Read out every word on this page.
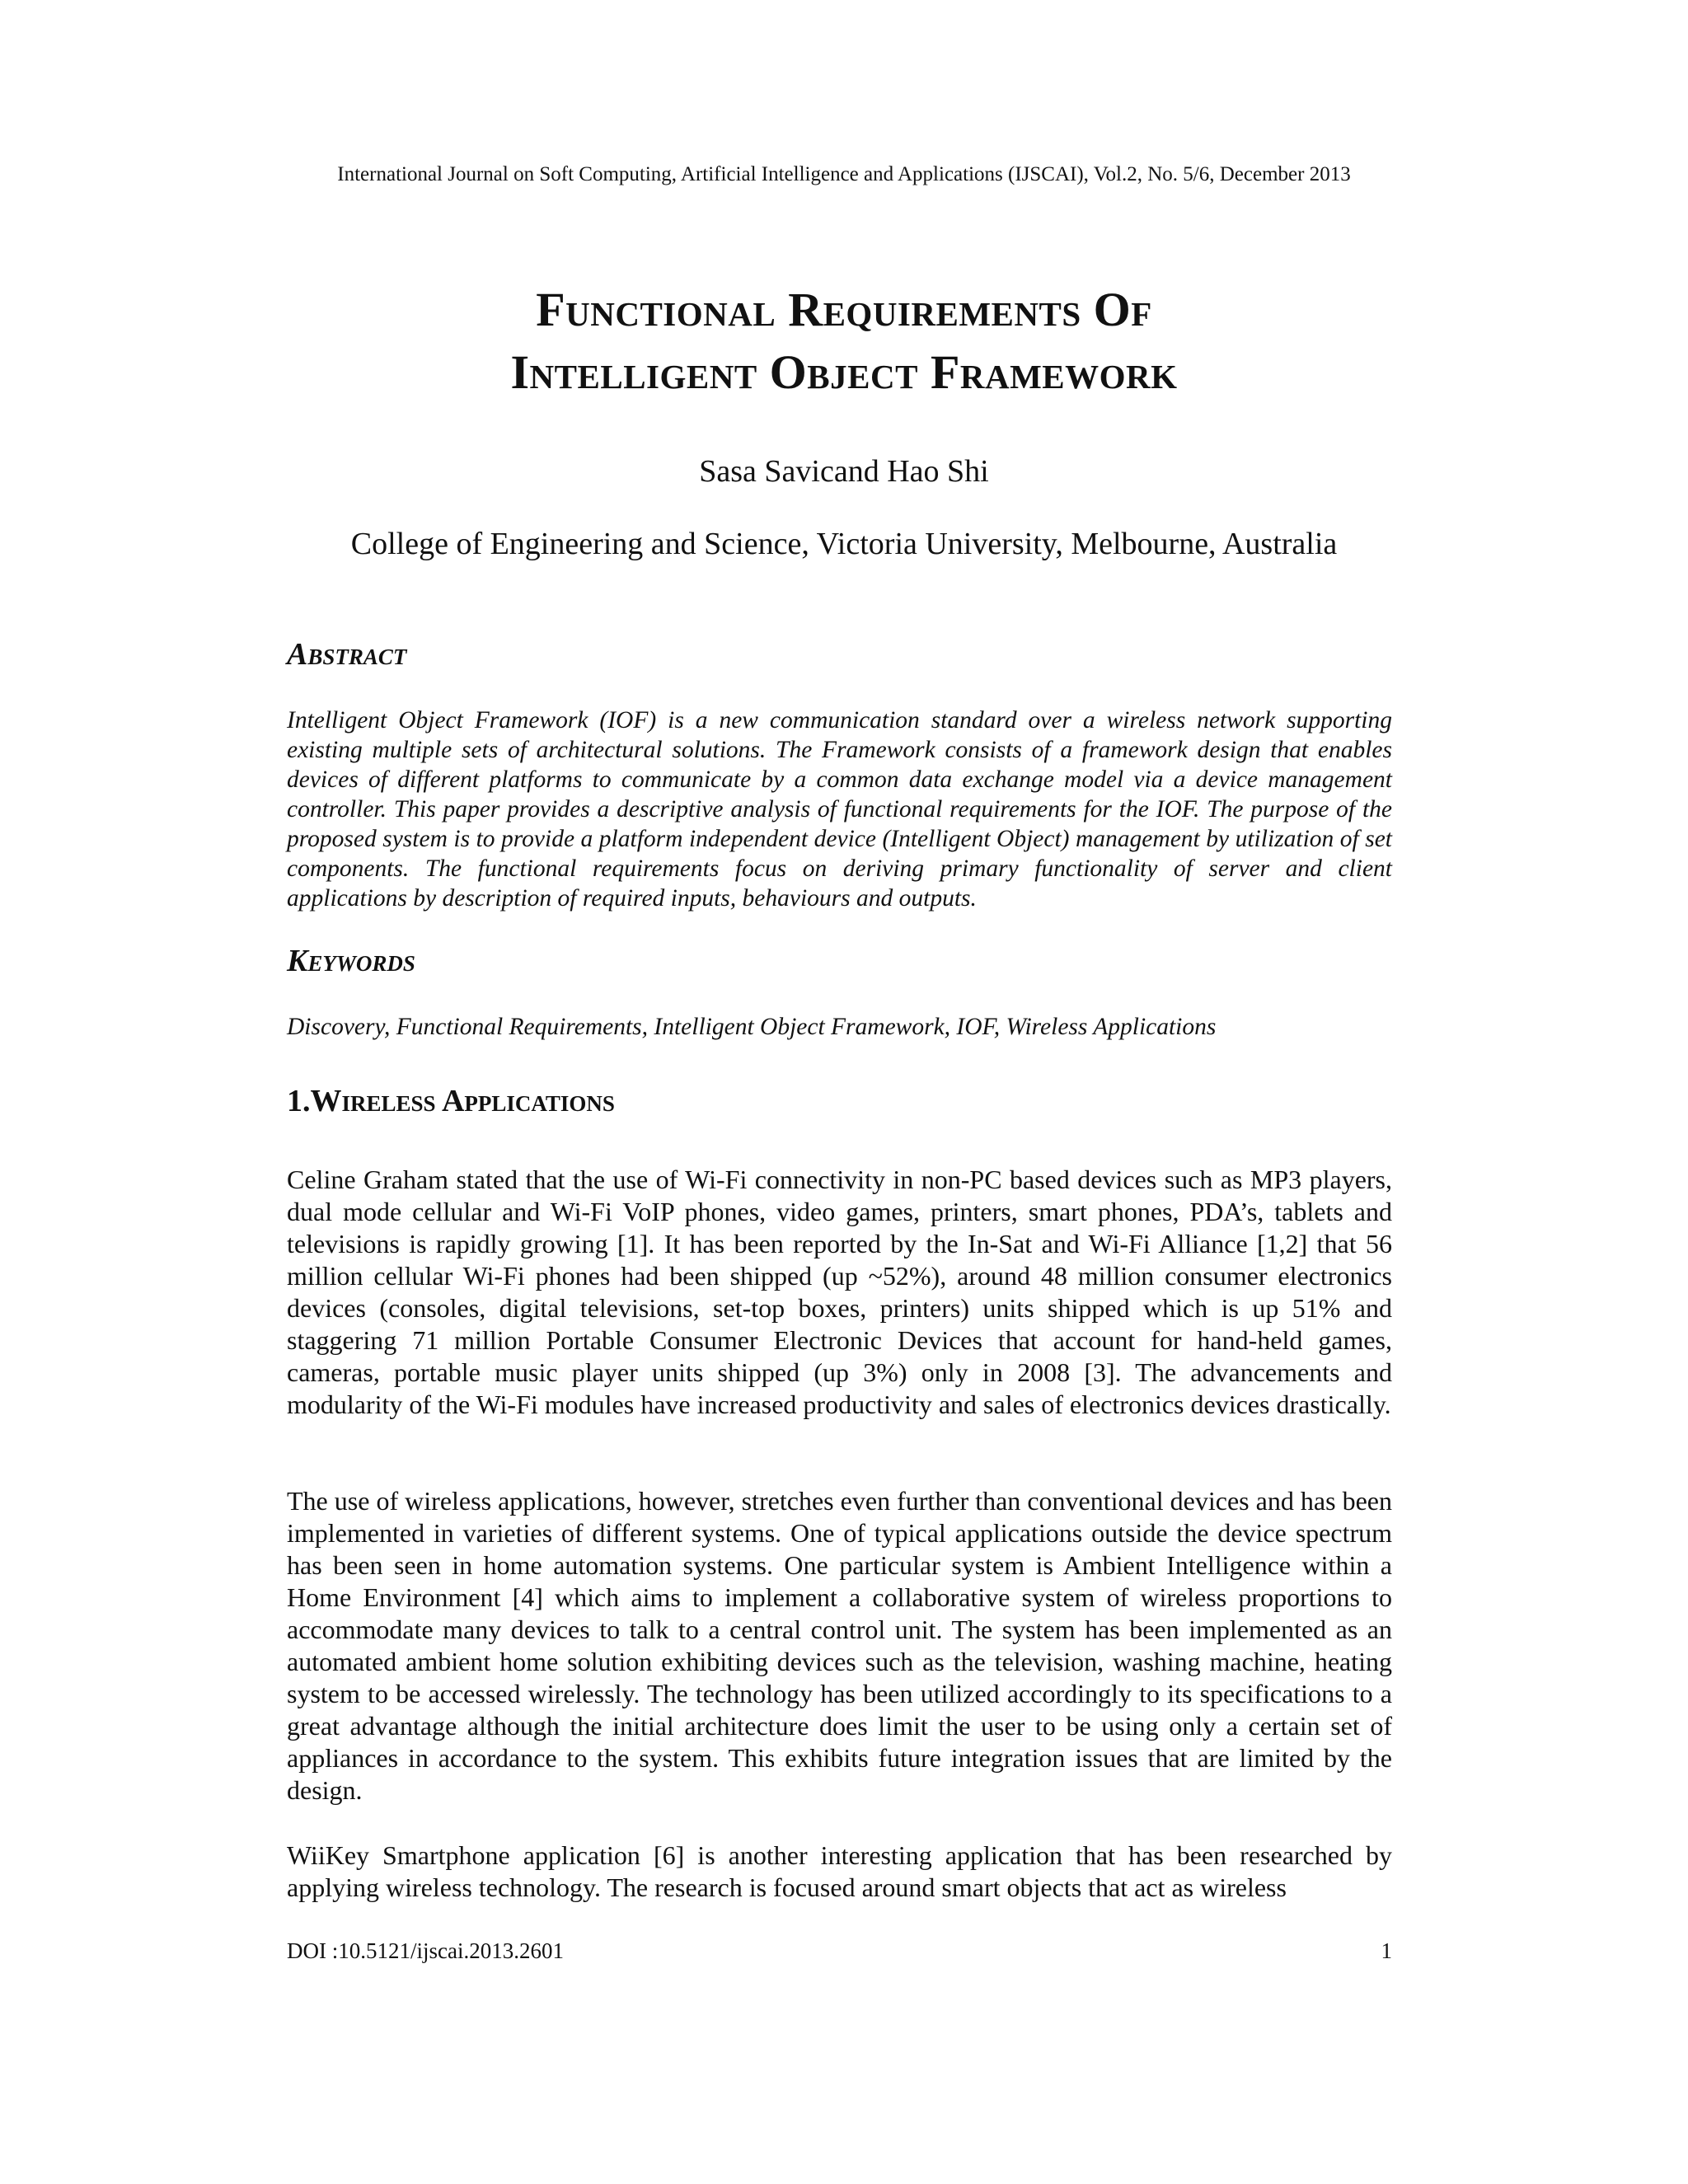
International Journal on Soft Computing, Artificial Intelligence and Applications (IJSCAI), Vol.2, No. 5/6, December 2013
Functional Requirements Of
Intelligent Object Framework
Sasa Savicand Hao Shi
College of Engineering and Science, Victoria University, Melbourne, Australia
Abstract
Intelligent Object Framework (IOF) is a new communication standard over a wireless network supporting existing multiple sets of architectural solutions. The Framework consists of a framework design that enables devices of different platforms to communicate by a common data exchange model via a device management controller. This paper provides a descriptive analysis of functional requirements for the IOF. The purpose of the proposed system is to provide a platform independent device (Intelligent Object) management by utilization of set components. The functional requirements focus on deriving primary functionality of server and client applications by description of required inputs, behaviours and outputs.
Keywords
Discovery, Functional Requirements, Intelligent Object Framework, IOF, Wireless Applications
1.Wireless Applications
Celine Graham stated that the use of Wi-Fi connectivity in non-PC based devices such as MP3 players, dual mode cellular and Wi-Fi VoIP phones, video games, printers, smart phones, PDA’s, tablets and televisions is rapidly growing [1]. It has been reported by the In-Sat and Wi-Fi Alliance [1,2] that 56 million cellular Wi-Fi phones had been shipped (up ~52%), around 48 million consumer electronics devices (consoles, digital televisions, set-top boxes, printers) units shipped which is up 51% and staggering 71 million Portable Consumer Electronic Devices that account for hand-held games, cameras, portable music player units shipped (up 3%) only in 2008 [3]. The advancements and modularity of the Wi-Fi modules have increased productivity and sales of electronics devices drastically.
The use of wireless applications, however, stretches even further than conventional devices and has been implemented in varieties of different systems. One of typical applications outside the device spectrum has been seen in home automation systems. One particular system is Ambient Intelligence within a Home Environment [4] which aims to implement a collaborative system of wireless proportions to accommodate many devices to talk to a central control unit. The system has been implemented as an automated ambient home solution exhibiting devices such as the television, washing machine, heating system to be accessed wirelessly. The technology has been utilized accordingly to its specifications to a great advantage although the initial architecture does limit the user to be using only a certain set of appliances in accordance to the system. This exhibits future integration issues that are limited by the design.
WiiKey Smartphone application [6] is another interesting application that has been researched by applying wireless technology. The research is focused around smart objects that act as wireless
DOI :10.5121/ijscai.2013.2601	1
